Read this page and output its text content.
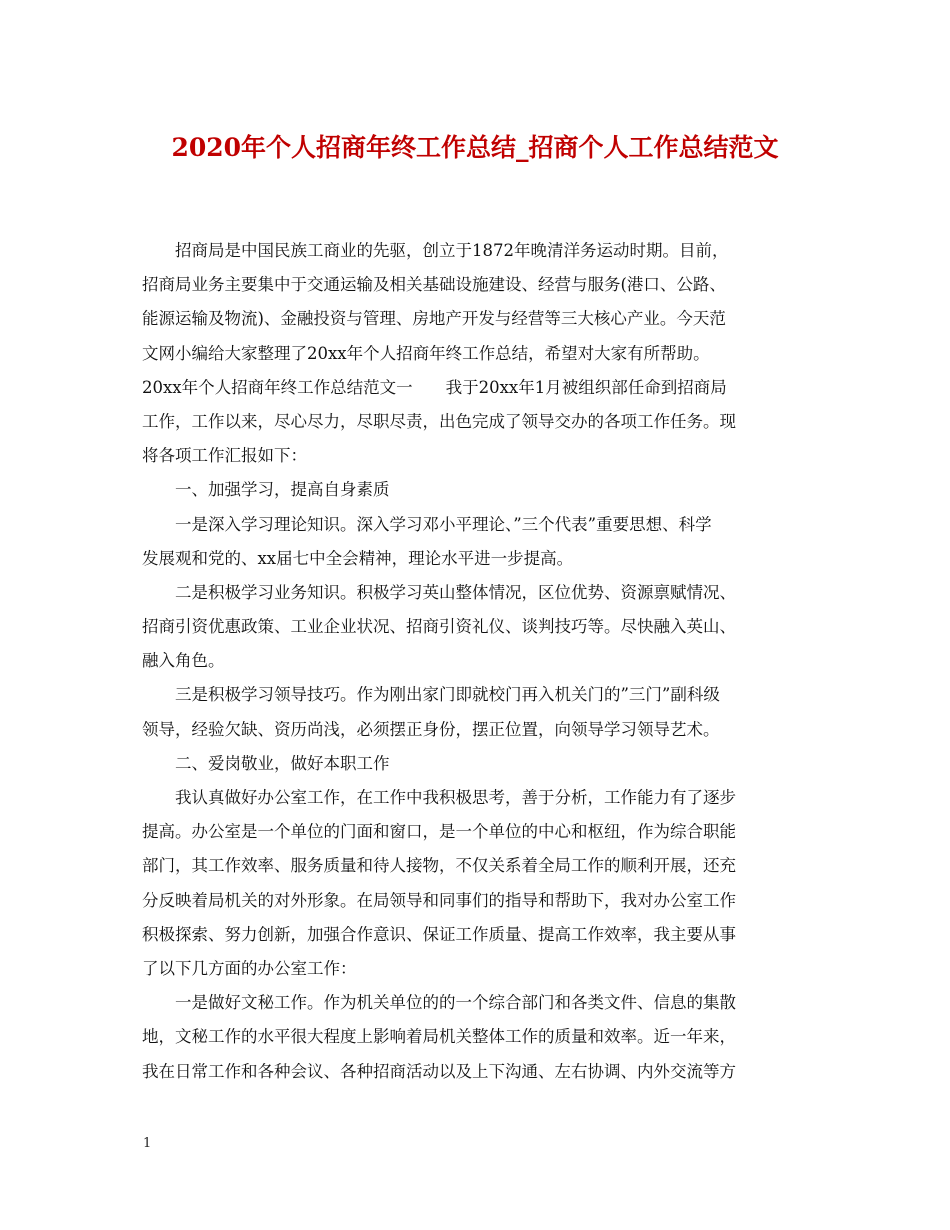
2020年个人招商年终工作总结_招商个人工作总结范文
招商局是中国民族工商业的先驱，创立于1872年晚清洋务运动时期。目前，
招商局业务主要集中于交通运输及相关基础设施建设、经营与服务(港口、公路、
能源运输及物流)、金融投资与管理、房地产开发与经营等三大核心产业。今天范
文网小编给大家整理了20xx年个人招商年终工作总结，希望对大家有所帮助。
20xx年个人招商年终工作总结范文一　　我于20xx年1月被组织部任命到招商局
工作，工作以来，尽心尽力，尽职尽责，出色完成了领导交办的各项工作任务。现
将各项工作汇报如下：
一、加强学习，提高自身素质
一是深入学习理论知识。深入学习邓小平理论、”三个代表”重要思想、科学
发展观和党的、xx届七中全会精神，理论水平进一步提高。
二是积极学习业务知识。积极学习英山整体情况，区位优势、资源禀赋情况、
招商引资优惠政策、工业企业状况、招商引资礼仪、谈判技巧等。尽快融入英山、
融入角色。
三是积极学习领导技巧。作为刚出家门即就校门再入机关门的”三门”副科级
领导，经验欠缺、资历尚浅，必须摆正身份，摆正位置，向领导学习领导艺术。
二、爱岗敬业，做好本职工作
我认真做好办公室工作，在工作中我积极思考，善于分析，工作能力有了逐步
提高。办公室是一个单位的门面和窗口，是一个单位的中心和枢纽，作为综合职能
部门，其工作效率、服务质量和待人接物，不仅关系着全局工作的顺利开展，还充
分反映着局机关的对外形象。在局领导和同事们的指导和帮助下，我对办公室工作
积极探索、努力创新，加强合作意识、保证工作质量、提高工作效率，我主要从事
了以下几方面的办公室工作：
一是做好文秘工作。作为机关单位的的一个综合部门和各类文件、信息的集散
地，文秘工作的水平很大程度上影响着局机关整体工作的质量和效率。近一年来，
我在日常工作和各种会议、各种招商活动以及上下沟通、左右协调、内外交流等方
1
